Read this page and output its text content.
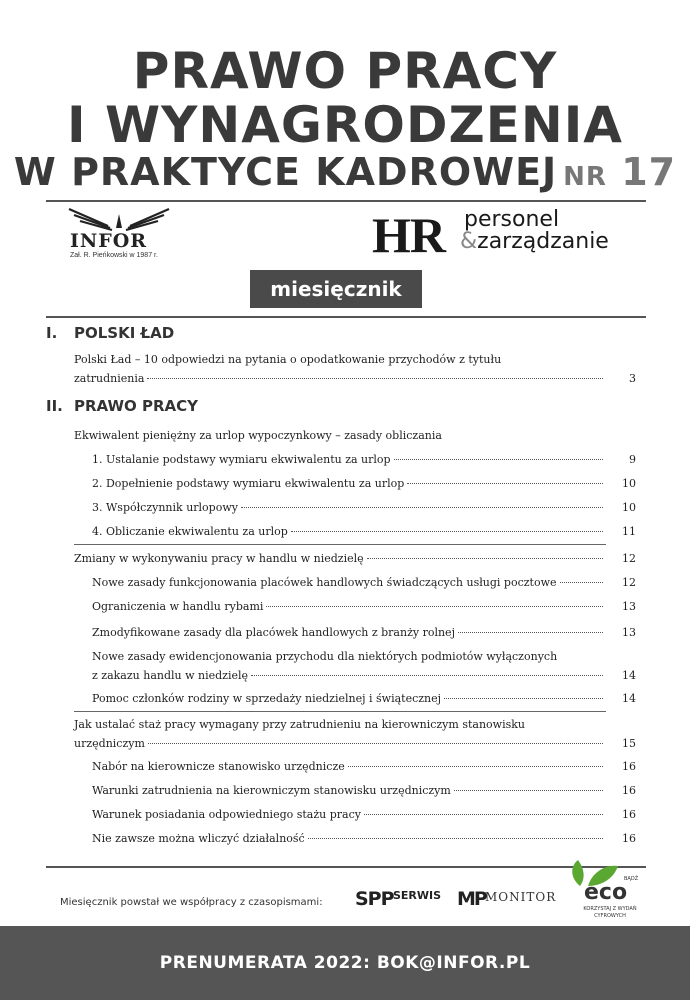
PRAWO PRACY
I WYNAGRODZENIA
W PRAKTYCE KADROWEJ NR 17
INFOR
Zał. R. Pieńkowski w 1987 r.	HR personel
&zarządzanie
miesięcznik
I. POLSKI ŁAD
Polski Ład – 10 odpowiedzi na pytania o opodatkowanie przychodów z tytułu
zatrudnienia	3
II. PRAWO PRACY
Ekwiwalent pieniężny za urlop wypoczynkowy – zasady obliczania
1. Ustalanie podstawy wymiaru ekwiwalentu za urlop	9
2. Dopełnienie podstawy wymiaru ekwiwalentu za urlop	10
3. Współczynnik urlopowy	10
4. Obliczanie ekwiwalentu za urlop	11
Zmiany w wykonywaniu pracy w handlu w niedzielę	12
Nowe zasady funkcjonowania placówek handlowych świadczących usługi pocztowe	12
Ograniczenia w handlu rybami	13
Zmodyfikowane zasady dla placówek handlowych z branży rolnej	13
Nowe zasady ewidencjonowania przychodu dla niektórych podmiotów wyłączonych
z zakazu handlu w niedzielę	14
Pomoc członków rodziny w sprzedaży niedzielnej i świątecznej	14
Jak ustalać staż pracy wymagany przy zatrudnieniu na kierowniczym stanowisku
urzędniczym	15
Nabór na kierownicze stanowisko urzędnicze	16
Warunki zatrudnienia na kierowniczym stanowisku urzędniczym	16
Warunek posiadania odpowiedniego stażu pracy	16
Nie zawsze można wliczyć działalność	16
Miesięcznik powstał we współpracy z czasopismami: SPP SERWIS MP MONITOR eco
BĄDŹ
KORZYSTAJ Z WYDAŃ CYFROWYCH
PRENUMERATA 2022: BOK@INFOR.PL
